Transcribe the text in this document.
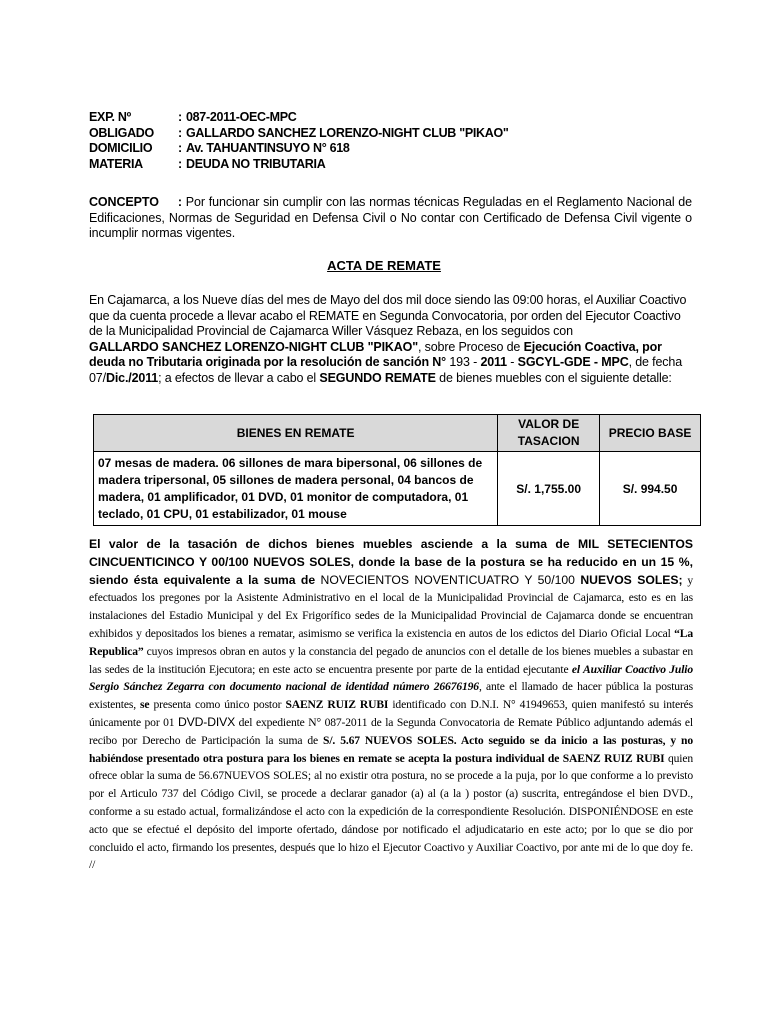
EXP. Nº	: 087-2011-OEC-MPC
OBLIGADO	: GALLARDO SANCHEZ LORENZO-NIGHT CLUB "PIKAO"
DOMICILIO	: Av. TAHUANTINSUYO N° 618
MATERIA	: DEUDA NO TRIBUTARIA
CONCEPTO : Por funcionar sin cumplir con las normas técnicas Reguladas en el Reglamento Nacional de Edificaciones, Normas de Seguridad en Defensa Civil o No contar con Certificado de Defensa Civil vigente o incumplir normas vigentes.
ACTA DE REMATE
En Cajamarca, a los Nueve días del mes de Mayo del dos mil doce siendo las 09:00 horas, el Auxiliar Coactivo que da cuenta procede a llevar acabo el REMATE en Segunda Convocatoria, por orden del Ejecutor Coactivo de la Municipalidad Provincial de Cajamarca Willer Vásquez Rebaza, en los seguidos con
GALLARDO SANCHEZ LORENZO-NIGHT CLUB "PIKAO", sobre Proceso de Ejecución Coactiva, por deuda no Tributaria originada por la resolución de sanción N° 193 - 2011 - SGCYL-GDE - MPC, de fecha 07/Dic./2011; a efectos de llevar a cabo el SEGUNDO REMATE de bienes muebles con el siguiente detalle:
BIENES EN REMATE	VALOR DE TASACION	PRECIO BASE
07 mesas de madera. 06 sillones de mara bipersonal, 06 sillones de madera tripersonal, 05 sillones de madera personal, 04 bancos de madera, 01 amplificador, 01 DVD, 01 monitor de computadora, 01 teclado, 01 CPU, 01 estabilizador, 01 mouse	S/. 1,755.00	S/. 994.50
El valor de la tasación de dichos bienes muebles asciende a la suma de MIL SETECIENTOS CINCUENTICINCO Y 00/100 NUEVOS SOLES, donde la base de la postura se ha reducido en un 15 %, siendo ésta equivalente a la suma de NOVECIENTOS NOVENTICUATRO Y 50/100 NUEVOS SOLES; y efectuados los pregones por la Asistente Administrativo en el local de la Municipalidad Provincial de Cajamarca, esto es en las instalaciones del Estadio Municipal y del Ex Frigorífico sedes de la Municipalidad Provincial de Cajamarca donde se encuentran exhibidos y depositados los bienes a rematar, asimismo se verifica la existencia en autos de los edictos del Diario Oficial Local “La Republica” cuyos impresos obran en autos y la constancia del pegado de anuncios con el detalle de los bienes muebles a subastar en las sedes de la institución Ejecutora; en este acto se encuentra presente por parte de la entidad ejecutante el Auxiliar Coactivo Julio Sergio Sánchez Zegarra con documento nacional de identidad número 26676196, ante el llamado de hacer pública la posturas existentes, se presenta como único postor SAENZ RUIZ RUBI identificado con D.N.I. N° 41949653, quien manifestó su interés únicamente por 01 DVD-DIVX del expediente N° 087-2011 de la Segunda Convocatoria de Remate Público adjuntando además el recibo por Derecho de Participación la suma de S/. 5.67 NUEVOS SOLES. Acto seguido se da inicio a las posturas, y no habiéndose presentado otra postura para los bienes en remate se acepta la postura individual de SAENZ RUIZ RUBI quien ofrece oblar la suma de 56.67NUEVOS SOLES; al no existir otra postura, no se procede a la puja, por lo que conforme a lo previsto por el Articulo 737 del Código Civil, se procede a declarar ganador (a) al (a la ) postor (a) suscrita, entregándose el bien DVD., conforme a su estado actual, formalizándose el acto con la expedición de la correspondiente Resolución. DISPONIÉNDOSE en este acto que se efectué el depósito del importe ofertado, dándose por notificado el adjudicatario en este acto; por lo que se dio por concluido el acto, firmando los presentes, después que lo hizo el Ejecutor Coactivo y Auxiliar Coactivo, por ante mi de lo que doy fe. //
